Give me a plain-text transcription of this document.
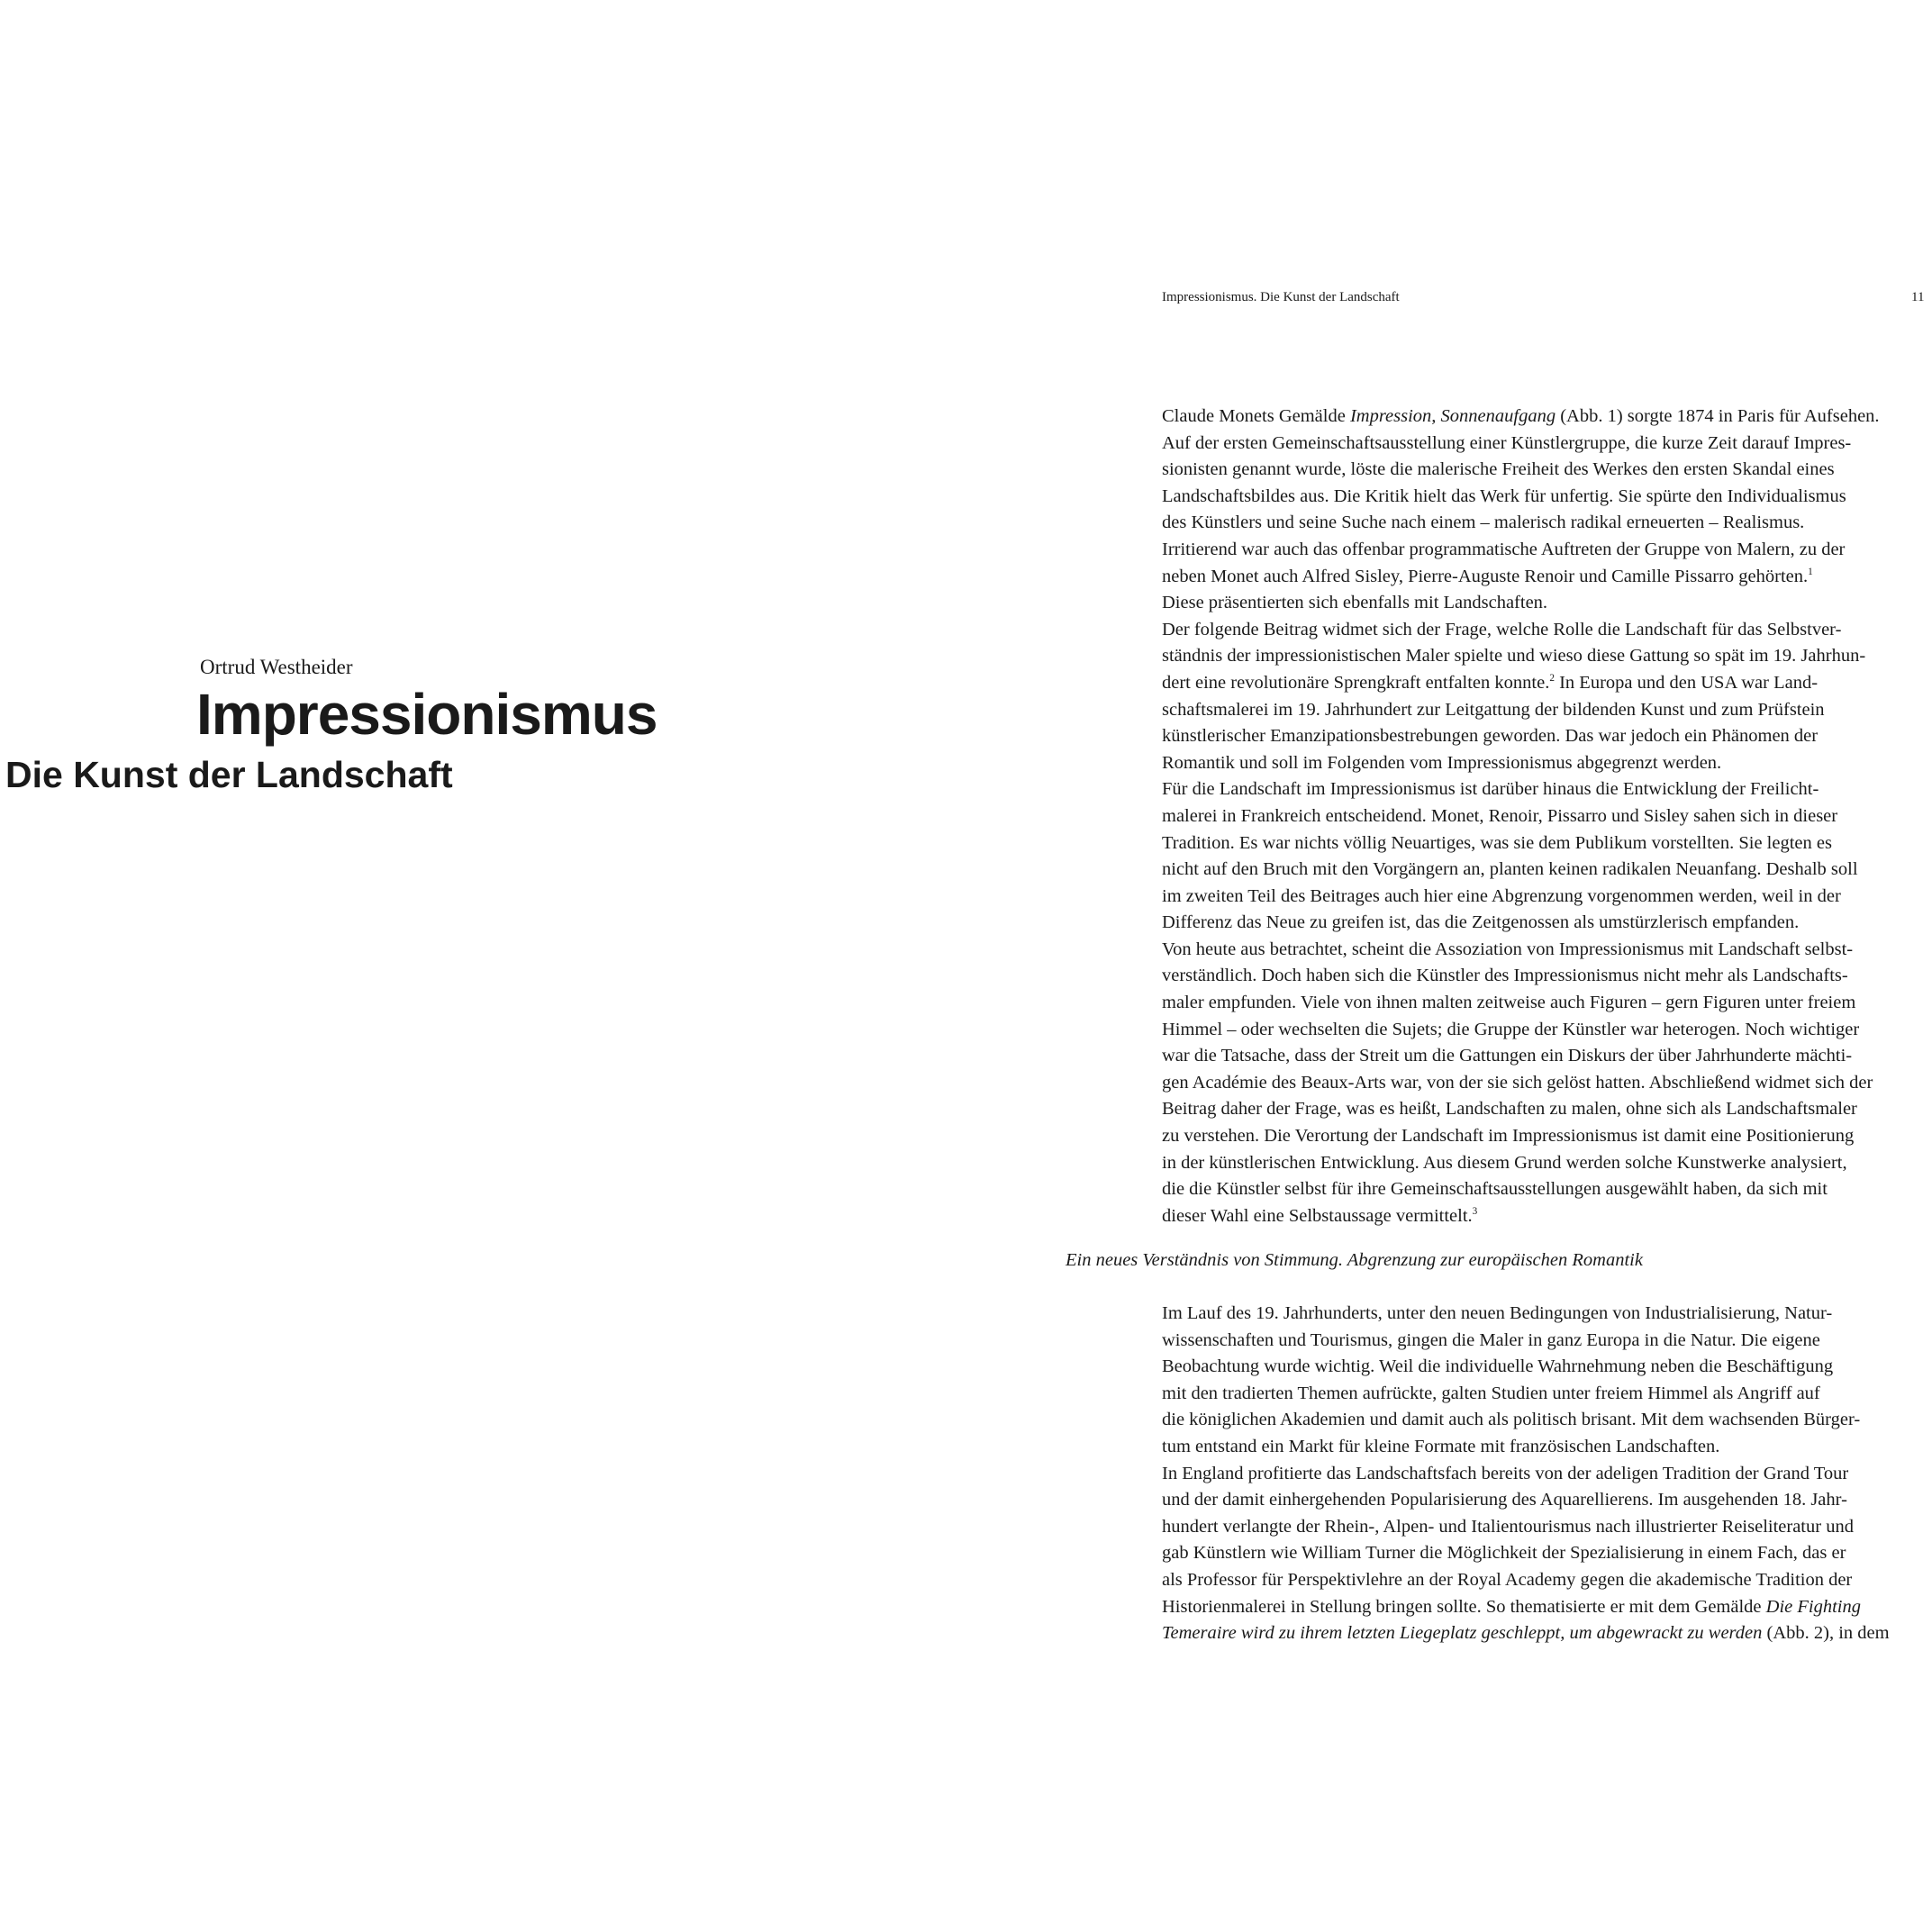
Ortrud Westheider
Impressionismus
Die Kunst der Landschaft
Impressionismus. Die Kunst der Landschaft	11
Claude Monets Gemälde Impression, Sonnenaufgang (Abb. 1) sorgte 1874 in Paris für Aufsehen.
Auf der ersten Gemeinschaftsausstellung einer Künstlergruppe, die kurze Zeit darauf Impres-
sionisten genannt wurde, löste die malerische Freiheit des Werkes den ersten Skandal eines
Landschaftsbildes aus. Die Kritik hielt das Werk für unfertig. Sie spürte den Individualismus
des Künstlers und seine Suche nach einem – malerisch radikal erneuerten – Realismus.
Irritierend war auch das offenbar programmatische Auftreten der Gruppe von Malern, zu der
neben Monet auch Alfred Sisley, Pierre-Auguste Renoir und Camille Pissarro gehörten.$^1$
Diese präsentierten sich ebenfalls mit Landschaften.
Der folgende Beitrag widmet sich der Frage, welche Rolle die Landschaft für das Selbstver-
ständnis der impressionistischen Maler spielte und wieso diese Gattung so spät im 19. Jahrhun-
dert eine revolutionäre Sprengkraft entfalten konnte.$^2$ In Europa und den USA war Land-
schaftsmalerei im 19. Jahrhundert zur Leitgattung der bildenden Kunst und zum Prüfstein
künstlerischer Emanzipationsbestrebungen geworden. Das war jedoch ein Phänomen der
Romantik und soll im Folgenden vom Impressionismus abgegrenzt werden.
Für die Landschaft im Impressionismus ist darüber hinaus die Entwicklung der Freilicht-
malerei in Frankreich entscheidend. Monet, Renoir, Pissarro und Sisley sahen sich in dieser
Tradition. Es war nichts völlig Neuartiges, was sie dem Publikum vorstellten. Sie legten es
nicht auf den Bruch mit den Vorgängern an, planten keinen radikalen Neuanfang. Deshalb soll
im zweiten Teil des Beitrages auch hier eine Abgrenzung vorgenommen werden, weil in der
Differenz das Neue zu greifen ist, das die Zeitgenossen als umstürzlerisch empfanden.
Von heute aus betrachtet, scheint die Assoziation von Impressionismus mit Landschaft selbst-
verständlich. Doch haben sich die Künstler des Impressionismus nicht mehr als Landschafts-
maler empfunden. Viele von ihnen malten zeitweise auch Figuren – gern Figuren unter freiem
Himmel – oder wechselten die Sujets; die Gruppe der Künstler war heterogen. Noch wichtiger
war die Tatsache, dass der Streit um die Gattungen ein Diskurs der über Jahrhunderte mächti-
gen Académie des Beaux-Arts war, von der sie sich gelöst hatten. Abschließend widmet sich der
Beitrag daher der Frage, was es heißt, Landschaften zu malen, ohne sich als Landschaftsmaler
zu verstehen. Die Verortung der Landschaft im Impressionismus ist damit eine Positionierung
in der künstlerischen Entwicklung. Aus diesem Grund werden solche Kunstwerke analysiert,
die die Künstler selbst für ihre Gemeinschaftsausstellungen ausgewählt haben, da sich mit
dieser Wahl eine Selbstaussage vermittelt.$^3$
Ein neues Verständnis von Stimmung. Abgrenzung zur europäischen Romantik
Im Lauf des 19. Jahrhunderts, unter den neuen Bedingungen von Industrialisierung, Natur-
wissenschaften und Tourismus, gingen die Maler in ganz Europa in die Natur. Die eigene
Beobachtung wurde wichtig. Weil die individuelle Wahrnehmung neben die Beschäftigung
mit den tradierten Themen aufrückte, galten Studien unter freiem Himmel als Angriff auf
die königlichen Akademien und damit auch als politisch brisant. Mit dem wachsenden Bürger-
tum entstand ein Markt für kleine Formate mit französischen Landschaften.
In England profitierte das Landschaftsfach bereits von der adeligen Tradition der Grand Tour
und der damit einhergehenden Popularisierung des Aquarellierens. Im ausgehenden 18. Jahr-
hundert verlangte der Rhein-, Alpen- und Italientourismus nach illustrierter Reiseliteratur und
gab Künstlern wie William Turner die Möglichkeit der Spezialisierung in einem Fach, das er
als Professor für Perspektivlehre an der Royal Academy gegen die akademische Tradition der
Historienmalerei in Stellung bringen sollte. So thematisierte er mit dem Gemälde Die Fighting
Temeraire wird zu ihrem letzten Liegeplatz geschleppt, um abgewrackt zu werden (Abb. 2), in dem
